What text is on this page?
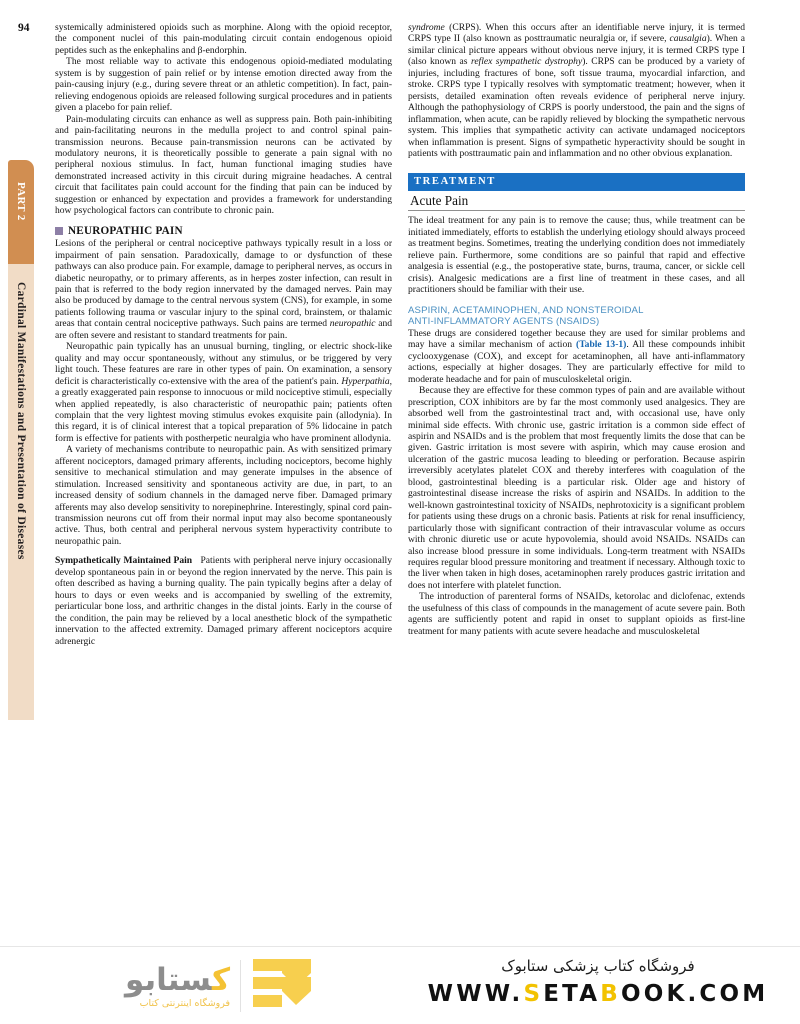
94
PART 2
Cardinal Manifestations and Presentation of Diseases

systemically administered opioids such as morphine. Along with the opioid receptor, the component nuclei of this pain-modulating circuit contain endogenous opioid peptides such as the enkephalins and β-endorphin.

The most reliable way to activate this endogenous opioid-mediated modulating system is by suggestion of pain relief or by intense emotion directed away from the pain-causing injury (e.g., during severe threat or an athletic competition). In fact, pain-relieving endogenous opioids are released following surgical procedures and in patients given a placebo for pain relief.

Pain-modulating circuits can enhance as well as suppress pain. Both pain-inhibiting and pain-facilitating neurons in the medulla project to and control spinal pain-transmission neurons. Because pain-transmission neurons can be activated by modulatory neurons, it is theoretically possible to generate a pain signal with no peripheral noxious stimulus. In fact, human functional imaging studies have demonstrated increased activity in this circuit during migraine headaches. A central circuit that facilitates pain could account for the finding that pain can be induced by suggestion or enhanced by expectation and provides a framework for understanding how psychological factors can contribute to chronic pain.

NEUROPATHIC PAIN

Lesions of the peripheral or central nociceptive pathways typically result in a loss or impairment of pain sensation. Paradoxically, damage to or dysfunction of these pathways can also produce pain. For example, damage to peripheral nerves, as occurs in diabetic neuropathy, or to primary afferents, as in herpes zoster infection, can result in pain that is referred to the body region innervated by the damaged nerves. Pain may also be produced by damage to the central nervous system (CNS), for example, in some patients following trauma or vascular injury to the spinal cord, brainstem, or thalamic areas that contain central nociceptive pathways. Such pains are termed neuropathic and are often severe and resistant to standard treatments for pain.

Neuropathic pain typically has an unusual burning, tingling, or electric shock-like quality and may occur spontaneously, without any stimulus, or be triggered by very light touch. These features are rare in other types of pain. On examination, a sensory deficit is characteristically co-extensive with the area of the patient's pain. Hyperpathia, a greatly exaggerated pain response to innocuous or mild nociceptive stimuli, especially when applied repeatedly, is also characteristic of neuropathic pain; patients often complain that the very lightest moving stimulus evokes exquisite pain (allodynia). In this regard, it is of clinical interest that a topical preparation of 5% lidocaine in patch form is effective for patients with postherpetic neuralgia who have prominent allodynia.

A variety of mechanisms contribute to neuropathic pain. As with sensitized primary afferent nociceptors, damaged primary afferents, including nociceptors, become highly sensitive to mechanical stimulation and may generate impulses in the absence of stimulation. Increased sensitivity and spontaneous activity are due, in part, to an increased density of sodium channels in the damaged nerve fiber. Damaged primary afferents may also develop sensitivity to norepinephrine. Interestingly, spinal cord pain-transmission neurons cut off from their normal input may also become spontaneously active. Thus, both central and peripheral nervous system hyperactivity contribute to neuropathic pain.

Sympathetically Maintained Pain Patients with peripheral nerve injury occasionally develop spontaneous pain in or beyond the region innervated by the nerve. This pain is often described as having a burning quality. The pain typically begins after a delay of hours to days or even weeks and is accompanied by swelling of the extremity, periarticular bone loss, and arthritic changes in the distal joints. Early in the course of the condition, the pain may be relieved by a local anesthetic block of the sympathetic innervation to the affected extremity. Damaged primary afferent nociceptors acquire adrenergic

syndrome (CRPS). When this occurs after an identifiable nerve injury, it is termed CRPS type II (also known as posttraumatic neuralgia or, if severe, causalgia). When a similar clinical picture appears without obvious nerve injury, it is termed CRPS type I (also known as reflex sympathetic dystrophy). CRPS can be produced by a variety of injuries, including fractures of bone, soft tissue trauma, myocardial infarction, and stroke. CRPS type I typically resolves with symptomatic treatment; however, when it persists, detailed examination often reveals evidence of peripheral nerve injury. Although the pathophysiology of CRPS is poorly understood, the pain and the signs of inflammation, when acute, can be rapidly relieved by blocking the sympathetic nervous system. This implies that sympathetic activity can activate undamaged nociceptors when inflammation is present. Signs of sympathetic hyperactivity should be sought in patients with posttraumatic pain and inflammation and no other obvious explanation.

TREATMENT
Acute Pain

The ideal treatment for any pain is to remove the cause; thus, while treatment can be initiated immediately, efforts to establish the underlying etiology should always proceed as treatment begins. Sometimes, treating the underlying condition does not immediately relieve pain. Furthermore, some conditions are so painful that rapid and effective analgesia is essential (e.g., the postoperative state, burns, trauma, cancer, or sickle cell crisis). Analgesic medications are a first line of treatment in these cases, and all practitioners should be familiar with their use.

ASPIRIN, ACETAMINOPHEN, AND NONSTEROIDAL
ANTI-INFLAMMATORY AGENTS (NSAIDS)

These drugs are considered together because they are used for similar problems and may have a similar mechanism of action (Table 13-1). All these compounds inhibit cyclooxygenase (COX), and except for acetaminophen, all have anti-inflammatory actions, especially at higher dosages. They are particularly effective for mild to moderate headache and for pain of musculoskeletal origin.

Because they are effective for these common types of pain and are available without prescription, COX inhibitors are by far the most commonly used analgesics. They are absorbed well from the gastrointestinal tract and, with occasional use, have only minimal side effects. With chronic use, gastric irritation is a common side effect of aspirin and NSAIDs and is the problem that most frequently limits the dose that can be given. Gastric irritation is most severe with aspirin, which may cause erosion and ulceration of the gastric mucosa leading to bleeding or perforation. Because aspirin irreversibly acetylates platelet COX and thereby interferes with coagulation of the blood, gastrointestinal bleeding is a particular risk. Older age and history of gastrointestinal disease increase the risks of aspirin and NSAIDs. In addition to the well-known gastrointestinal toxicity of NSAIDs, nephrotoxicity is a significant problem for patients using these drugs on a chronic basis. Patients at risk for renal insufficiency, particularly those with significant contraction of their intravascular volume as occurs with chronic diuretic use or acute hypovolemia, should avoid NSAIDs. NSAIDs can also increase blood pressure in some individuals. Long-term treatment with NSAIDs requires regular blood pressure monitoring and treatment if necessary. Although toxic to the liver when taken in high doses, acetaminophen rarely produces gastric irritation and does not interfere with platelet function.

The introduction of parenteral forms of NSAIDs, ketorolac and diclofenac, extends the usefulness of this class of compounds in the management of acute severe pain. Both agents are sufficiently potent and rapid in onset to supplant opioids as first-line treatment for many patients with acute severe headache and musculoskeletal

کستابو
فروشگاه اینترنتی کتاب
فروشگاه کتاب پزشکی ستابوک
WWW.SETABOOK.COM
